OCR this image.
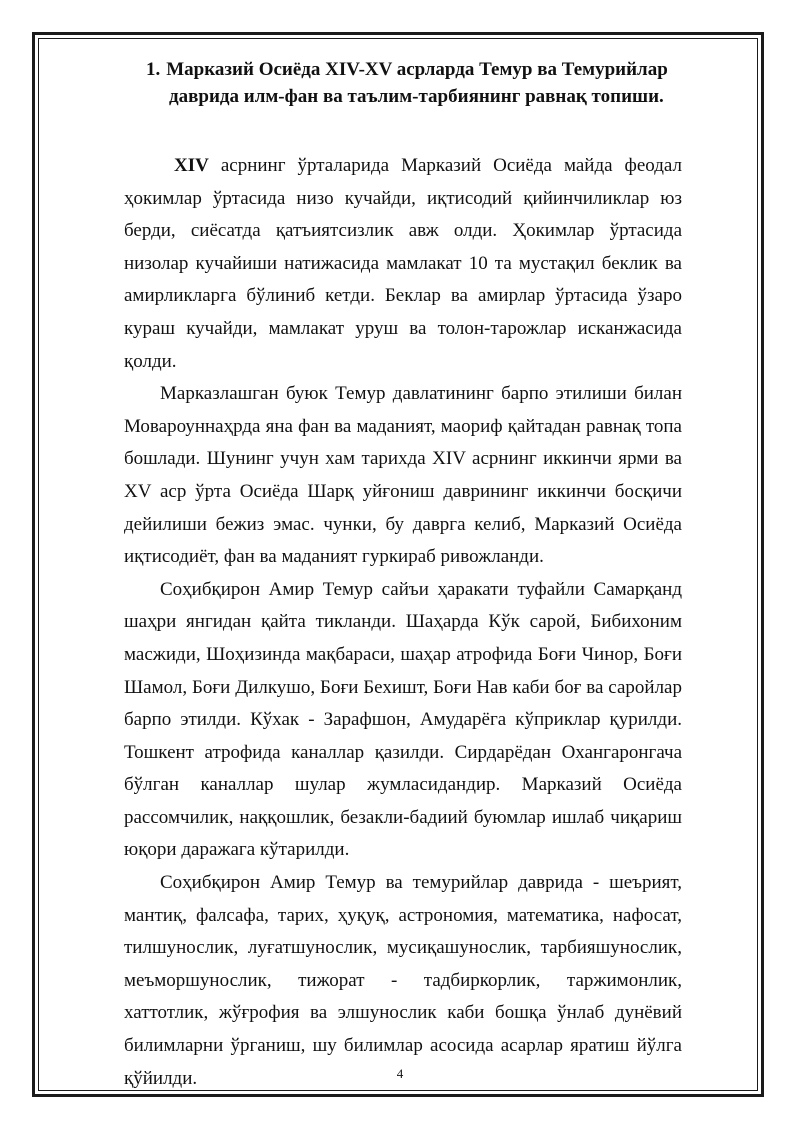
1. Марказий Осиёда XIV-XV асрларда Темур ва Темурийлар
даврида илм-фан ва таълим-тарбиянинг равнақ топиши.

XIV асрнинг ўрталарида Марказий Осиёда майда феодал ҳокимлар ўртасида низо кучайди, иқтисодий қийинчиликлар юз берди, сиёсатда қатъиятсизлик авж олди. Ҳокимлар ўртасида низолар кучайиши натижасида мамлакат 10 та мустақил беклик ва амирликларга бўлиниб кетди. Беклар ва амирлар ўртасида ўзаро кураш кучайди, мамлакат уруш ва толон-тарожлар исканжасида қолди.

Марказлашган буюк Темур давлатининг барпо этилиши билан Мовароуннаҳрда яна фан ва маданият, маориф қайтадан равнақ топа бошлади. Шунинг учун хам тарихда XIV асрнинг иккинчи ярми ва XV аср ўрта Осиёда Шарқ уйғониш даврининг иккинчи босқичи дейилиши бежиз эмас. чунки, бу даврга келиб, Марказий Осиёда иқтисодиёт, фан ва маданият гуркираб ривожланди.

Соҳибқирон Амир Темур сайъи ҳаракати туфайли Самарқанд шаҳри янгидан қайта тикланди. Шаҳарда Кўк сарой, Бибихоним масжиди, Шоҳизинда мақбараси, шаҳар атрофида Боғи Чинор, Боғи Шамол, Боғи Дилкушо, Боғи Бехишт, Боғи Нав каби боғ ва саройлар барпо этилди. Кўхак - Зарафшон, Амударёга кўприклар қурилди. Тошкент атрофида каналлар қазилди. Сирдарёдан Охангаронгача бўлган каналлар шулар жумласидандир. Марказий Осиёда рассомчилик, наққошлик, безакли-бадиий буюмлар ишлаб чиқариш юқори даражага кўтарилди.

Соҳибқирон Амир Темур ва темурийлар даврида - шеърият, мантиқ, фалсафа, тарих, ҳуқуқ, астрономия, математика, нафосат, тилшунослик, луғатшунослик, мусиқашунослик, тарбияшунослик, меъморшунослик, тижорат - тадбиркорлик, таржимонлик, хаттотлик, жўғрофия ва элшунослик каби бошқа ўнлаб дунёвий билимларни ўрганиш, шу билимлар асосида асарлар яратиш йўлга қўйилди.	4
